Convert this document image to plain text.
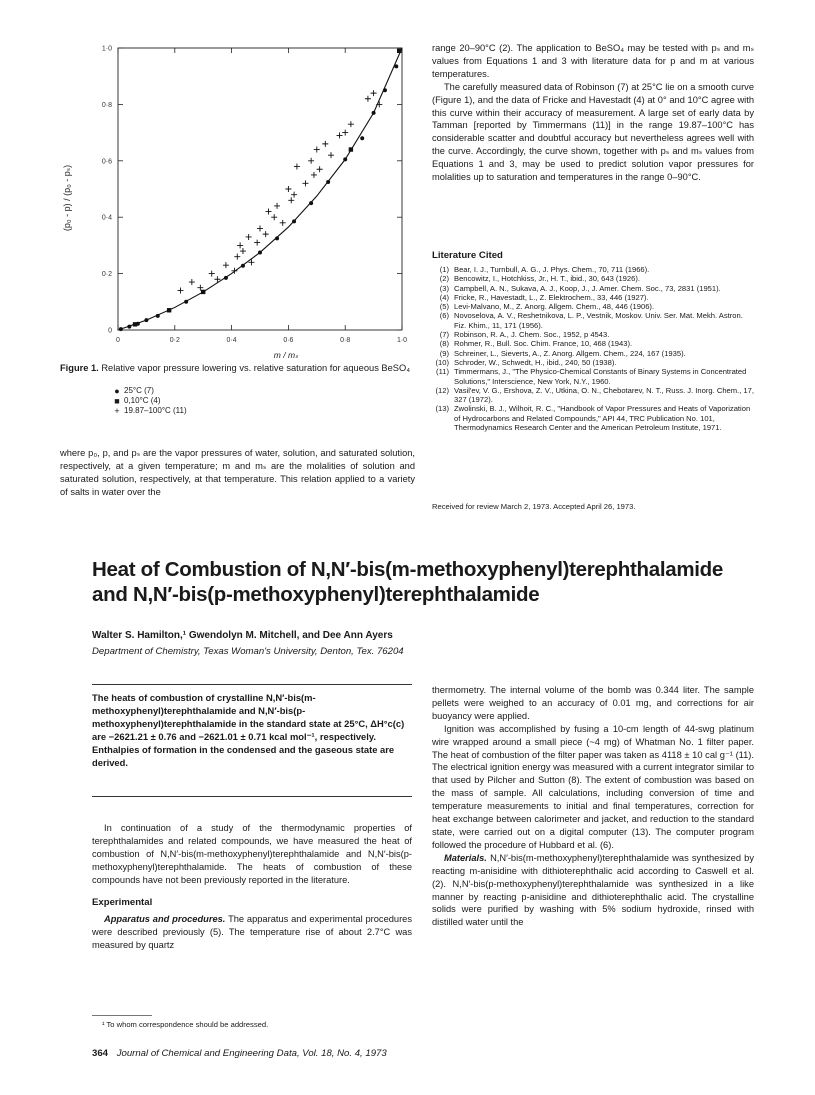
0
0
0·2
0·2
0·4
0·4
0·6
0·6
0·8
0·8
1·0
1·0
(p₀ - p) / (p₀ - pₛ)
m / mₛ
Figure 1. Relative vapor pressure lowering vs. relative saturation for aqueous BeSO₄
● 25°C (7)
■ 0,10°C (4)
+ 19.87–100°C (11)

where p₀, p, and pₛ are the vapor pressures of water, solution, and saturated solution, respectively, at a given temperature; m and mₛ are the molalities of solution and saturated solution, respectively, at that temperature. This relation applied to a variety of salts in water over the

range 20–90°C (2). The application to BeSO₄ may be tested with pₛ and mₛ values from Equations 1 and 3 with literature data for p and m at various temperatures.

The carefully measured data of Robinson (7) at 25°C lie on a smooth curve (Figure 1), and the data of Fricke and Havestadt (4) at 0° and 10°C agree with this curve within their accuracy of measurement. A large set of early data by Tamman [reported by Timmermans (11)] in the range 19.87–100°C has considerable scatter and doubtful accuracy but nevertheless agrees well with the curve. Accordingly, the curve shown, together with pₛ and mₛ values from Equations 1 and 3, may be used to predict solution vapor pressures for molalities up to saturation and temperatures in the range 0–90°C.

Literature Cited
(1) Bear, I. J., Turnbull, A. G., J. Phys. Chem., 70, 711 (1966).
(2) Bencowitz, I., Hotchkiss, Jr., H. T., ibid., 30, 643 (1926).
(3) Campbell, A. N., Sukava, A. J., Koop, J., J. Amer. Chem. Soc., 73, 2831 (1951).
(4) Fricke, R., Havestadt, L., Z. Elektrochem., 33, 446 (1927).
(5) Levi-Malvano, M., Z. Anorg. Allgem. Chem., 48, 446 (1906).
(6) Novoselova, A. V., Reshetnikova, L. P., Vestnik, Moskov. Univ. Ser. Mat. Mekh. Astron. Fiz. Khim., 11, 171 (1956).
(7) Robinson, R. A., J. Chem. Soc., 1952, p 4543.
(8) Rohmer, R., Bull. Soc. Chim. France, 10, 468 (1943).
(9) Schreiner, L., Sieverts, A., Z. Anorg. Allgem. Chem., 224, 167 (1935).
(10) Schroder, W., Schwedt, H., ibid., 240, 50 (1938).
(11) Timmermans, J., "The Physico-Chemical Constants of Binary Systems in Concentrated Solutions," Interscience, New York, N.Y., 1960.
(12) Vasil'ev, V. G., Ershova, Z. V., Utkina, O. N., Chebotarev, N. T., Russ. J. Inorg. Chem., 17, 327 (1972).
(13) Zwolinski, B. J., Wilhoit, R. C., "Handbook of Vapor Pressures and Heats of Vaporization of Hydrocarbons and Related Compounds," API 44, TRC Publication No. 101, Thermodynamics Research Center and the American Petroleum Institute, 1971.
Received for review March 2, 1973. Accepted April 26, 1973.
Heat of Combustion of N,N′-bis(m-methoxyphenyl)terephthalamide
and N,N′-bis(p-methoxyphenyl)terephthalamide
Walter S. Hamilton,¹ Gwendolyn M. Mitchell, and Dee Ann Ayers
Department of Chemistry, Texas Woman's University, Denton, Tex. 76204
The heats of combustion of crystalline N,N′-bis(m-methoxyphenyl)terephthalamide and N,N′-bis(p-methoxyphenyl)terephthalamide in the standard state at 25°C, ΔH°c(c) are −2621.21 ± 0.76 and −2621.01 ± 0.71 kcal mol⁻¹, respectively. Enthalpies of formation in the condensed and the gaseous state are derived.

In continuation of a study of the thermodynamic properties of terephthalamides and related compounds, we have measured the heat of combustion of N,N′-bis(m-methoxyphenyl)terephthalamide and N,N′-bis(p-methoxyphenyl)terephthalamide. The heats of combustion of these compounds have not been previously reported in the literature.

Experimental

Apparatus and procedures. The apparatus and experimental procedures were described previously (5). The temperature rise of about 2.7°C was measured by quartz

¹ To whom correspondence should be addressed.

thermometry. The internal volume of the bomb was 0.344 liter. The sample pellets were weighed to an accuracy of 0.01 mg, and corrections for air buoyancy were applied.

Ignition was accomplished by fusing a 10-cm length of 44-swg platinum wire wrapped around a small piece (~4 mg) of Whatman No. 1 filter paper. The heat of combustion of the filter paper was taken as 4118 ± 10 cal g⁻¹ (11). The electrical ignition energy was measured with a current integrator similar to that used by Pilcher and Sutton (8). The extent of combustion was based on the mass of sample. All calculations, including conversion of time and temperature measurements to initial and final temperatures, correction for heat exchange between calorimeter and jacket, and reduction to the standard state, were carried out on a digital computer (13). The computer program followed the procedure of Hubbard et al. (6).

Materials. N,N′-bis(m-methoxyphenyl)terephthalamide was synthesized by reacting m-anisidine with dithioterephthalic acid according to Caswell et al. (2). N,N′-bis(p-methoxyphenyl)terephthalamide was synthesized in a like manner by reacting p-anisidine and dithioterephthalic acid. The crystalline solids were purified by washing with 5% sodium hydroxide, rinsed with distilled water until the

364 Journal of Chemical and Engineering Data, Vol. 18, No. 4, 1973
